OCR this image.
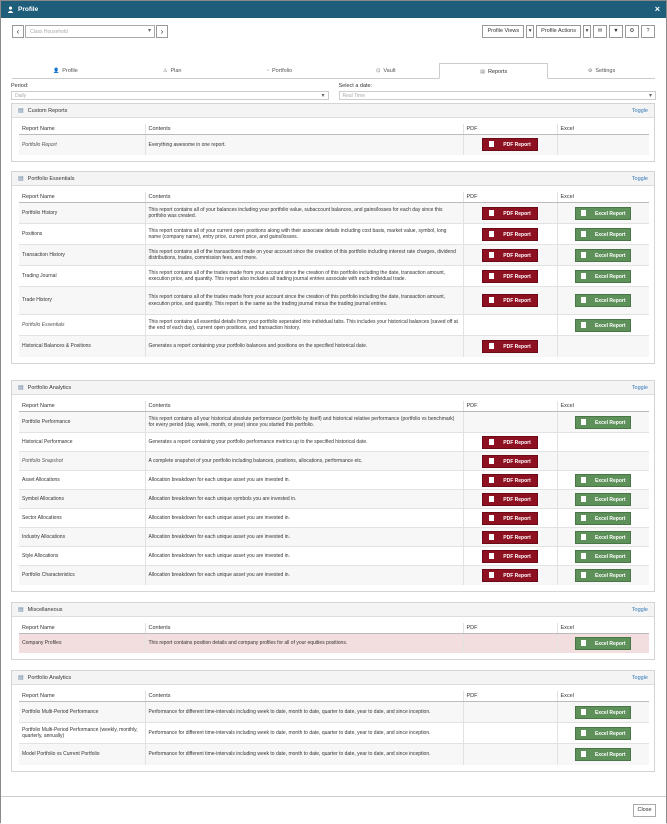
Profile	×
‹	Class Household	▾	›	Profile Views	▾	Profile Actions	▾	✉	▼	⚙	?
👤 Profile	⚠ Plan	◔ Portfolio	⊡ Vault	▤ Reports	⚙ Settings
Period:
Daily	▾
Select a date:
Real Time	▾
▤ Custom Reports	Toggle
Report Name	Contents	PDF	Excel
Portfolio Report	Everything awesome in one report.	PDF Report	
▤ Portfolio Essentials	Toggle
Report Name	Contents	PDF	Excel
Portfolio History	This report contains all of your balances including your portfolio value, subaccount balances, and gains/losses for each day since this portfolio was created.	PDF Report	Excel Report
Positions	This report contains all of your current open positions along with their associate details including cost basis, market value, symbol, long name (company name), entry price, current price, and gains/losses.	PDF Report	Excel Report
Transaction History	This report contains all of the transactions made on your account since the creation of this portfolio including interest rate charges, dividend distributions, trades, commission fees, and more.	PDF Report	Excel Report
Trading Journal	This report contains all of the trades made from your account since the creation of this portfolio including the date, transaction amount, execution price, and quantity. This report also includes all trading journal entries associate with each individual trade.	PDF Report	Excel Report
Trade History	This report contains all of the trades made from your account since the creation of this portfolio including the date, transaction amount, execution price, and quantity. This report is the same as the trading journal minus the trading journal entries.	PDF Report	Excel Report
Portfolio Essentials	This report contains all essential details from your portfolio seperated into individual tabs. This includes your historical balances (saved off at the end of each day), current open positions, and transaction history.		Excel Report
Historical Balances & Positions	Generates a report containing your portfolio balances and positions on the specified historical date.	PDF Report	
▤ Portfolio Analytics	Toggle
Report Name	Contents	PDF	Excel
Portfolio Performance	This report contains all your historical absolute performance (portfolio by itself) and historical relative performance (portfolio vs benchmark) for every period (day, week, month, or year) since you started this portfolio.		Excel Report
Historical Performance	Generates a report containing your portfolio performance metrics up to the specified historical date.	PDF Report	
Portfolio Snapshot	A complete snapshot of your portfolio including balances, positions, allocations, performance etc.	PDF Report	
Asset Allocations	Allocation breakdown for each unique asset you are invested in.	PDF Report	Excel Report
Symbol Allocations	Allocation breakdown for each unique symbols you are invested in.	PDF Report	Excel Report
Sector Allocations	Allocation breakdown for each unique asset you are invested in.	PDF Report	Excel Report
Industry Allocations	Allocation breakdown for each unique asset you are invested in.	PDF Report	Excel Report
Style Allocations	Allocation breakdown for each unique asset you are invested in.	PDF Report	Excel Report
Portfolio Characteristics	Allocation breakdown for each unique asset you are invested in.	PDF Report	Excel Report
▤ Miscellaneous	Toggle
Report Name	Contents	PDF	Excel
Company Profiles	This report contains position details and company profiles for all of your equities positions.		Excel Report
▤ Portfolio Analytics	Toggle
Report Name	Contents	PDF	Excel
Portfolio Multi-Period Performance	Performance for different time-intervals including week to date, month to date, quarter to date, year to date, and since inception.		Excel Report
Portfolio Multi-Period Performance (weekly, monthly, quarterly, annually)	Performance for different time-intervals including week to date, month to date, quarter to date, year to date, and since inception.		Excel Report
Model Portfolio vs Current Portfolio	Performance for different time-intervals including week to date, month to date, quarter to date, year to date, and since inception.		Excel Report
Close
